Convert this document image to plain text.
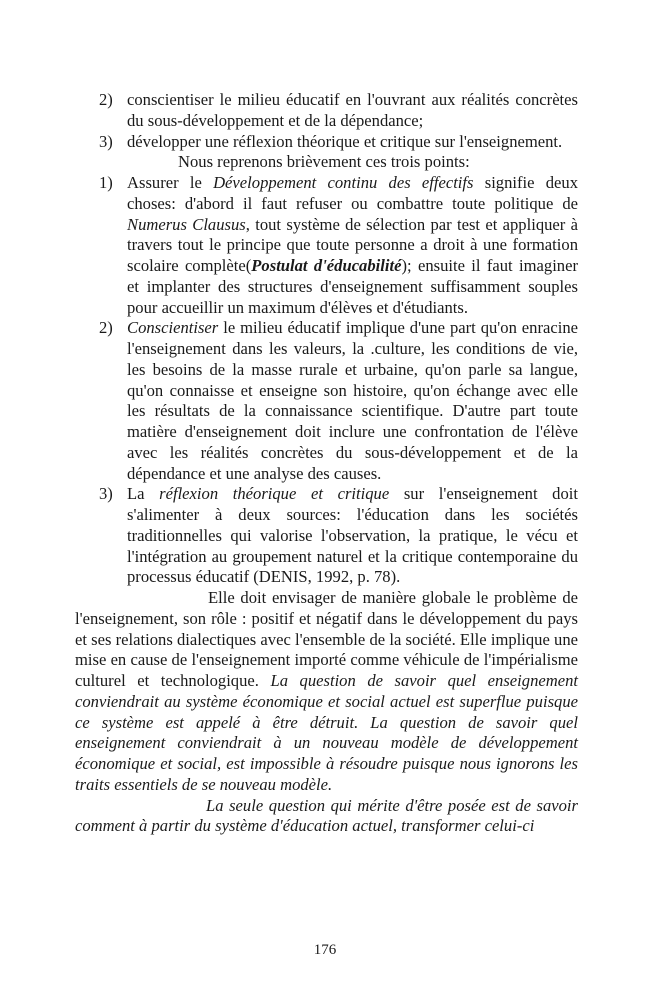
2) conscientiser le milieu éducatif en l'ouvrant aux réalités concrètes du sous-développement et de la dépendance;

3) développer une réflexion théorique et critique sur l'enseignement.

Nous reprenons brièvement ces trois points:

1) Assurer le Développement continu des effectifs signifie deux choses: d'abord il faut refuser ou combattre toute politique de Numerus Clausus, tout système de sélection par test et appliquer à travers tout le principe que toute personne a droit à une formation scolaire complète(Postulat d'éducabilité); ensuite il faut imaginer et implanter des structures d'enseignement suffisamment souples pour accueillir un maximum d'élèves et d'étudiants.

2) Conscientiser le milieu éducatif implique d'une part qu'on enracine l'enseignement dans les valeurs, la .culture, les conditions de vie, les besoins de la masse rurale et urbaine, qu'on parle sa langue, qu'on connaisse et enseigne son histoire, qu'on échange avec elle les résultats de la connaissance scientifique. D'autre part toute matière d'enseignement doit inclure une confrontation de l'élève avec les réalités concrètes du sous-développement et de la dépendance et une analyse des causes.

3) La réflexion théorique et critique sur l'enseignement doit s'alimenter à deux sources: l'éducation dans les sociétés traditionnelles qui valorise l'observation, la pratique, le vécu et l'intégration au groupement naturel et la critique contemporaine du processus éducatif (DENIS, 1992, p. 78).

Elle doit envisager de manière globale le problème de l'enseignement, son rôle : positif et négatif dans le développement du pays et ses relations dialectiques avec l'ensemble de la société. Elle implique une mise en cause de l'enseignement importé comme véhicule de l'impérialisme culturel et technologique. La question de savoir quel enseignement conviendrait au système économique et social actuel est superflue puisque ce système est appelé à être détruit. La question de savoir quel enseignement conviendrait à un nouveau modèle de développement économique et social, est impossible à résoudre puisque nous ignorons les traits essentiels de se nouveau modèle.

La seule question qui mérite d'être posée est de savoir comment à partir du système d'éducation actuel, transformer celui-ci

176
